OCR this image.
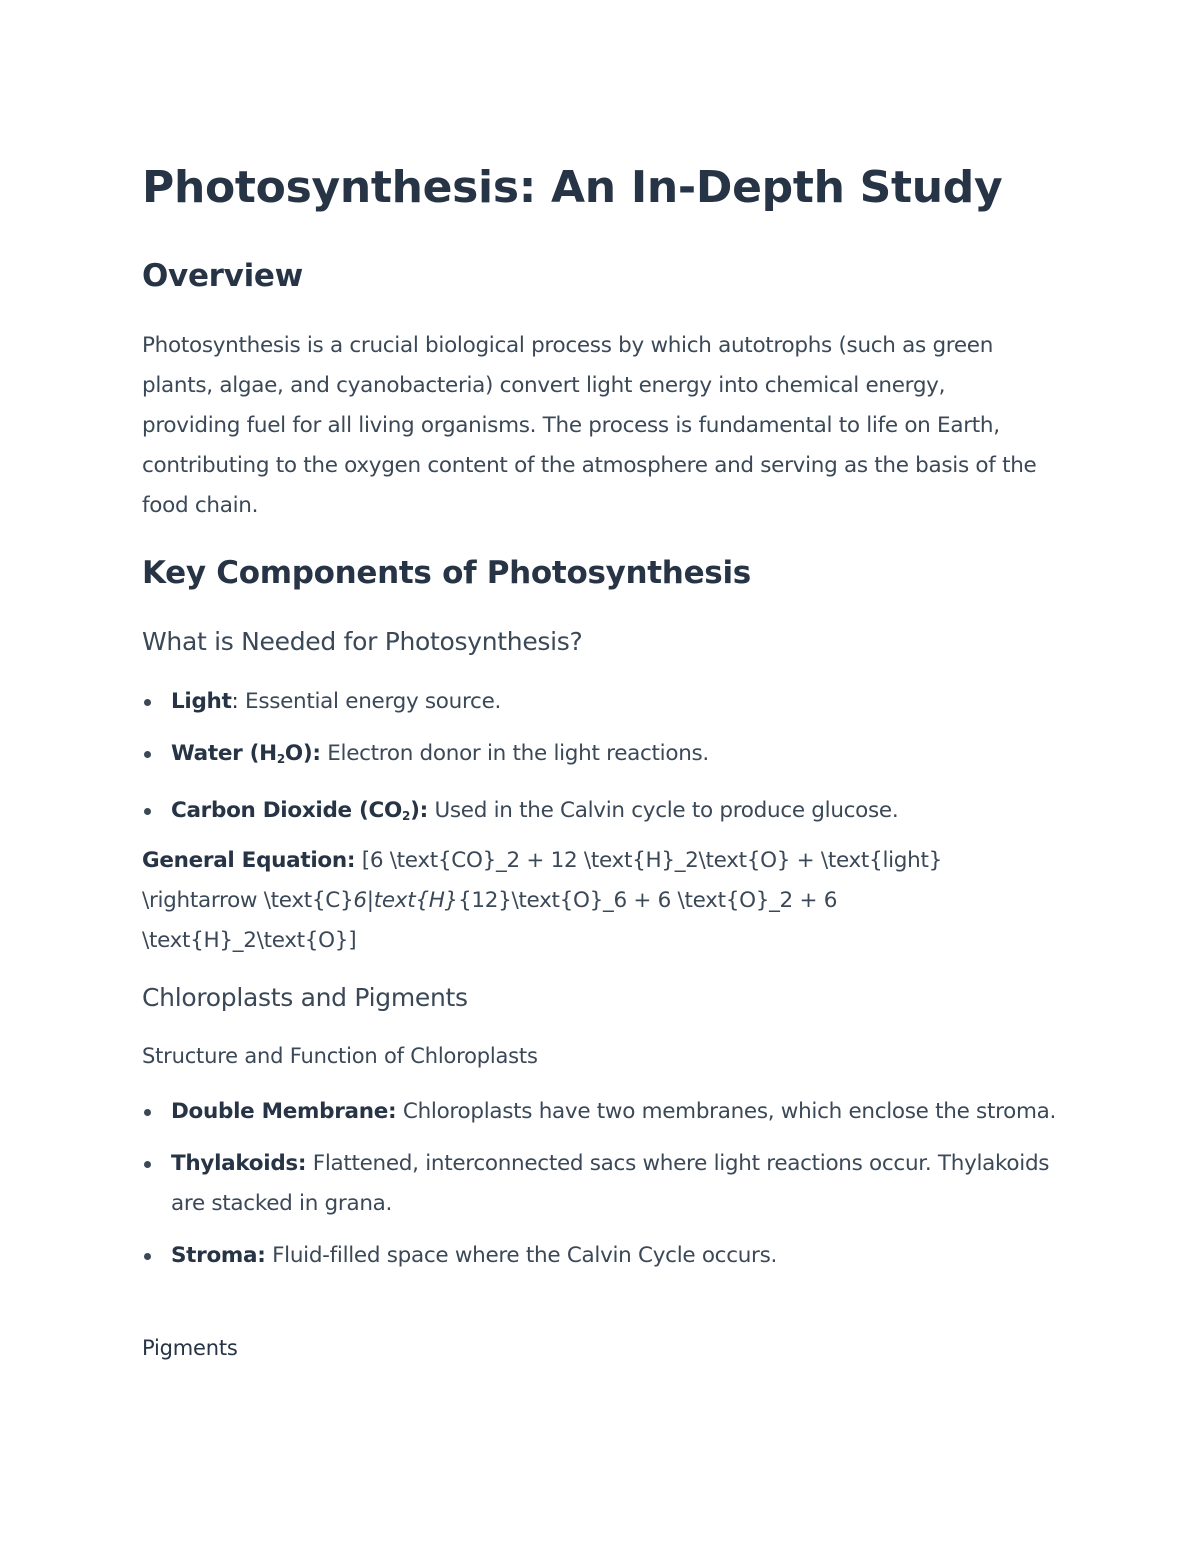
Photosynthesis: An In-Depth Study
Overview

Photosynthesis is a crucial biological process by which autotrophs (such as green plants, algae, and cyanobacteria) convert light energy into chemical energy, providing fuel for all living organisms. The process is fundamental to life on Earth, contributing to the oxygen content of the atmosphere and serving as the basis of the food chain.

Key Components of Photosynthesis
What is Needed for Photosynthesis?
Light: Essential energy source.
Water $(H_2O)$: Electron donor in the light reactions.
Carbon Dioxide $(CO_2)$: Used in the Calvin cycle to produce glucose.

General Equation: [6 \text{CO}_2 + 12 \text{H}_2\text{O} + \text{light}
\rightarrow \text{C}6|text{H}{12}\text{O}_6 + 6 \text{O}_2 + 6
\text{H}_2\text{O}]

Chloroplasts and Pigments
Structure and Function of Chloroplasts
Double Membrane: Chloroplasts have two membranes, which enclose the stroma.
Thylakoids: Flattened, interconnected sacs where light reactions occur. Thylakoids are stacked in grana.
Stroma: Fluid-filled space where the Calvin Cycle occurs.
Pigments
